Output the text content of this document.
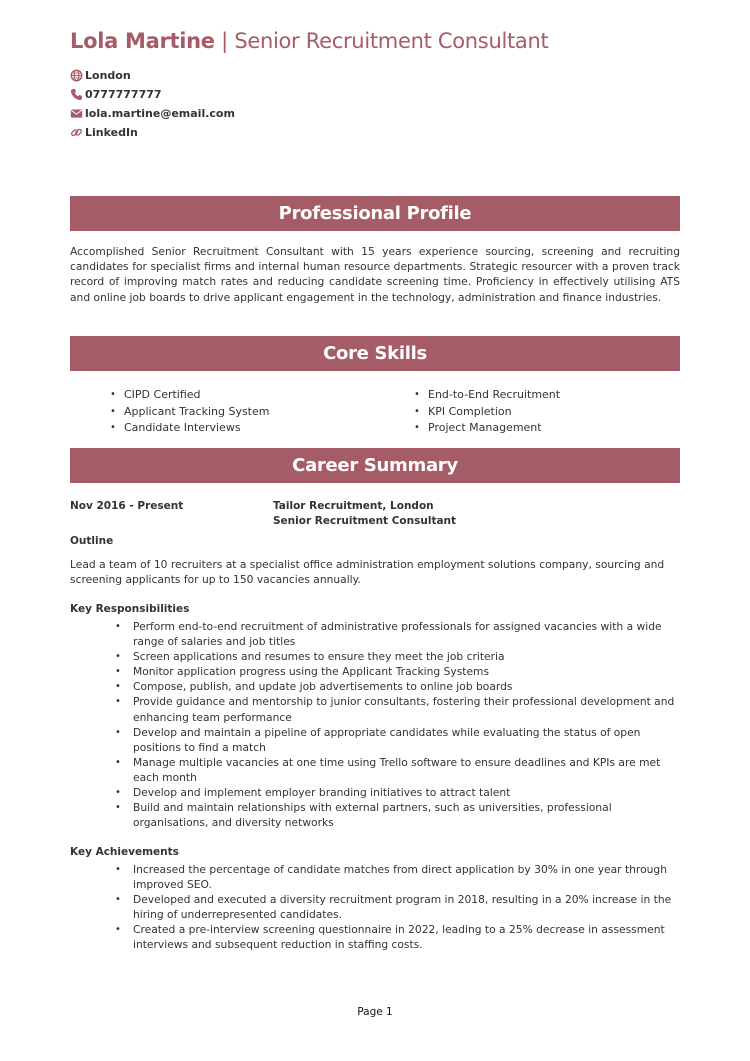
Lola Martine | Senior Recruitment Consultant
London
0777777777
lola.martine@email.com
LinkedIn
Professional Profile
Accomplished Senior Recruitment Consultant with 15 years experience sourcing, screening and recruiting candidates for specialist firms and internal human resource departments. Strategic resourcer with a proven track record of improving match rates and reducing candidate screening time. Proficiency in effectively utilising ATS and online job boards to drive applicant engagement in the technology, administration and finance industries.
Core Skills
• CIPD Certified
• Applicant Tracking System
• Candidate Interviews
• End-to-End Recruitment
• KPI Completion
• Project Management
Career Summary
Nov 2016 - Present	Tailor Recruitment, London
Senior Recruitment Consultant
Outline
Lead a team of 10 recruiters at a specialist office administration employment solutions company, sourcing and screening applicants for up to 150 vacancies annually.
Key Responsibilities
• Perform end-to-end recruitment of administrative professionals for assigned vacancies with a wide range of salaries and job titles
• Screen applications and resumes to ensure they meet the job criteria
• Monitor application progress using the Applicant Tracking Systems
• Compose, publish, and update job advertisements to online job boards
• Provide guidance and mentorship to junior consultants, fostering their professional development and enhancing team performance
• Develop and maintain a pipeline of appropriate candidates while evaluating the status of open positions to find a match
• Manage multiple vacancies at one time using Trello software to ensure deadlines and KPIs are met each month
• Develop and implement employer branding initiatives to attract talent
• Build and maintain relationships with external partners, such as universities, professional organisations, and diversity networks
Key Achievements
• Increased the percentage of candidate matches from direct application by 30% in one year through improved SEO.
• Developed and executed a diversity recruitment program in 2018, resulting in a 20% increase in the hiring of underrepresented candidates.
• Created a pre-interview screening questionnaire in 2022, leading to a 25% decrease in assessment interviews and subsequent reduction in staffing costs.
Page 1
